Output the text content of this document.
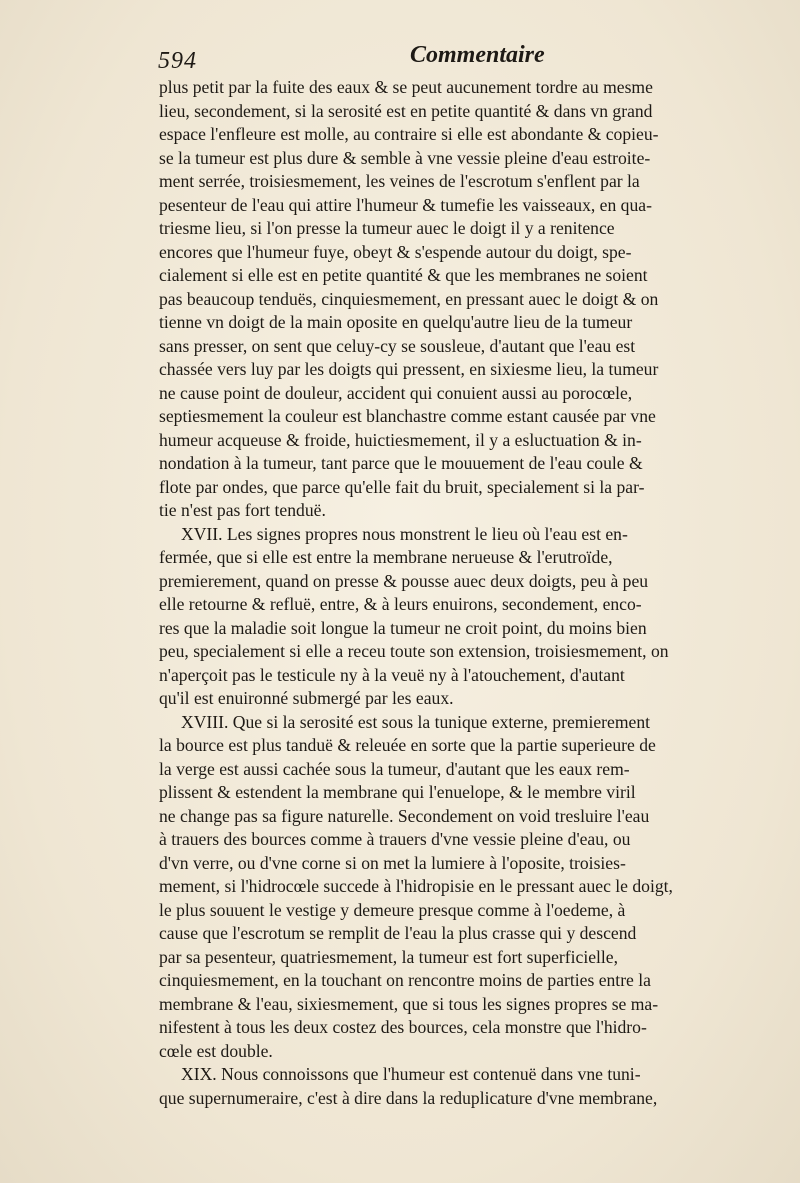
594	Commentaire
plus petit par la fuite des eaux & se peut aucunement tordre au mesme
lieu, secondement, si la serosité est en petite quantité & dans vn grand
espace l'enfleure est molle, au contraire si elle est abondante & copieu-
se la tumeur est plus dure & semble à vne vessie pleine d'eau estroite-
ment serrée, troisiesmement, les veines de l'escrotum s'enflent par la
pesenteur de l'eau qui attire l'humeur & tumefie les vaisseaux, en qua-
triesme lieu, si l'on presse la tumeur auec le doigt il y a renitence
encores que l'humeur fuye, obeyt & s'espende autour du doigt, spe-
cialement si elle est en petite quantité & que les membranes ne soient
pas beaucoup tenduës, cinquiesmement, en pressant auec le doigt & on
tienne vn doigt de la main oposite en quelqu'autre lieu de la tumeur
sans presser, on sent que celuy-cy se sousleue, d'autant que l'eau est
chassée vers luy par les doigts qui pressent, en sixiesme lieu, la tumeur
ne cause point de douleur, accident qui conuient aussi au porocœle,
septiesmement la couleur est blanchastre comme estant causée par vne
humeur acqueuse & froide, huictiesmement, il y a esluctuation & in-
nondation à la tumeur, tant parce que le mouuement de l'eau coule &
flote par ondes, que parce qu'elle fait du bruit, specialement si la par-
tie n'est pas fort tenduë.
XVII. Les signes propres nous monstrent le lieu où l'eau est en-
fermée, que si elle est entre la membrane nerueuse & l'erutroïde,
premierement, quand on presse & pousse auec deux doigts, peu à peu
elle retourne & refluë, entre, & à leurs enuirons, secondement, enco-
res que la maladie soit longue la tumeur ne croit point, du moins bien
peu, specialement si elle a receu toute son extension, troisiesmement, on
n'aperçoit pas le testicule ny à la veuë ny à l'atouchement, d'autant
qu'il est enuironné submergé par les eaux.
XVIII. Que si la serosité est sous la tunique externe, premierement
la bource est plus tanduë & releuée en sorte que la partie superieure de
la verge est aussi cachée sous la tumeur, d'autant que les eaux rem-
plissent & estendent la membrane qui l'enuelope, & le membre viril
ne change pas sa figure naturelle. Secondement on void tresluire l'eau
à trauers des bources comme à trauers d'vne vessie pleine d'eau, ou
d'vn verre, ou d'vne corne si on met la lumiere à l'oposite, troisies-
mement, si l'hidrocœle succede à l'hidropisie en le pressant auec le doigt,
le plus souuent le vestige y demeure presque comme à l'oedeme, à
cause que l'escrotum se remplit de l'eau la plus crasse qui y descend
par sa pesenteur, quatriesmement, la tumeur est fort superficielle,
cinquiesmement, en la touchant on rencontre moins de parties entre la
membrane & l'eau, sixiesmement, que si tous les signes propres se ma-
nifestent à tous les deux costez des bources, cela monstre que l'hidro-
cœle est double.
XIX. Nous connoissons que l'humeur est contenuë dans vne tuni-
que supernumeraire, c'est à dire dans la reduplicature d'vne membrane,
